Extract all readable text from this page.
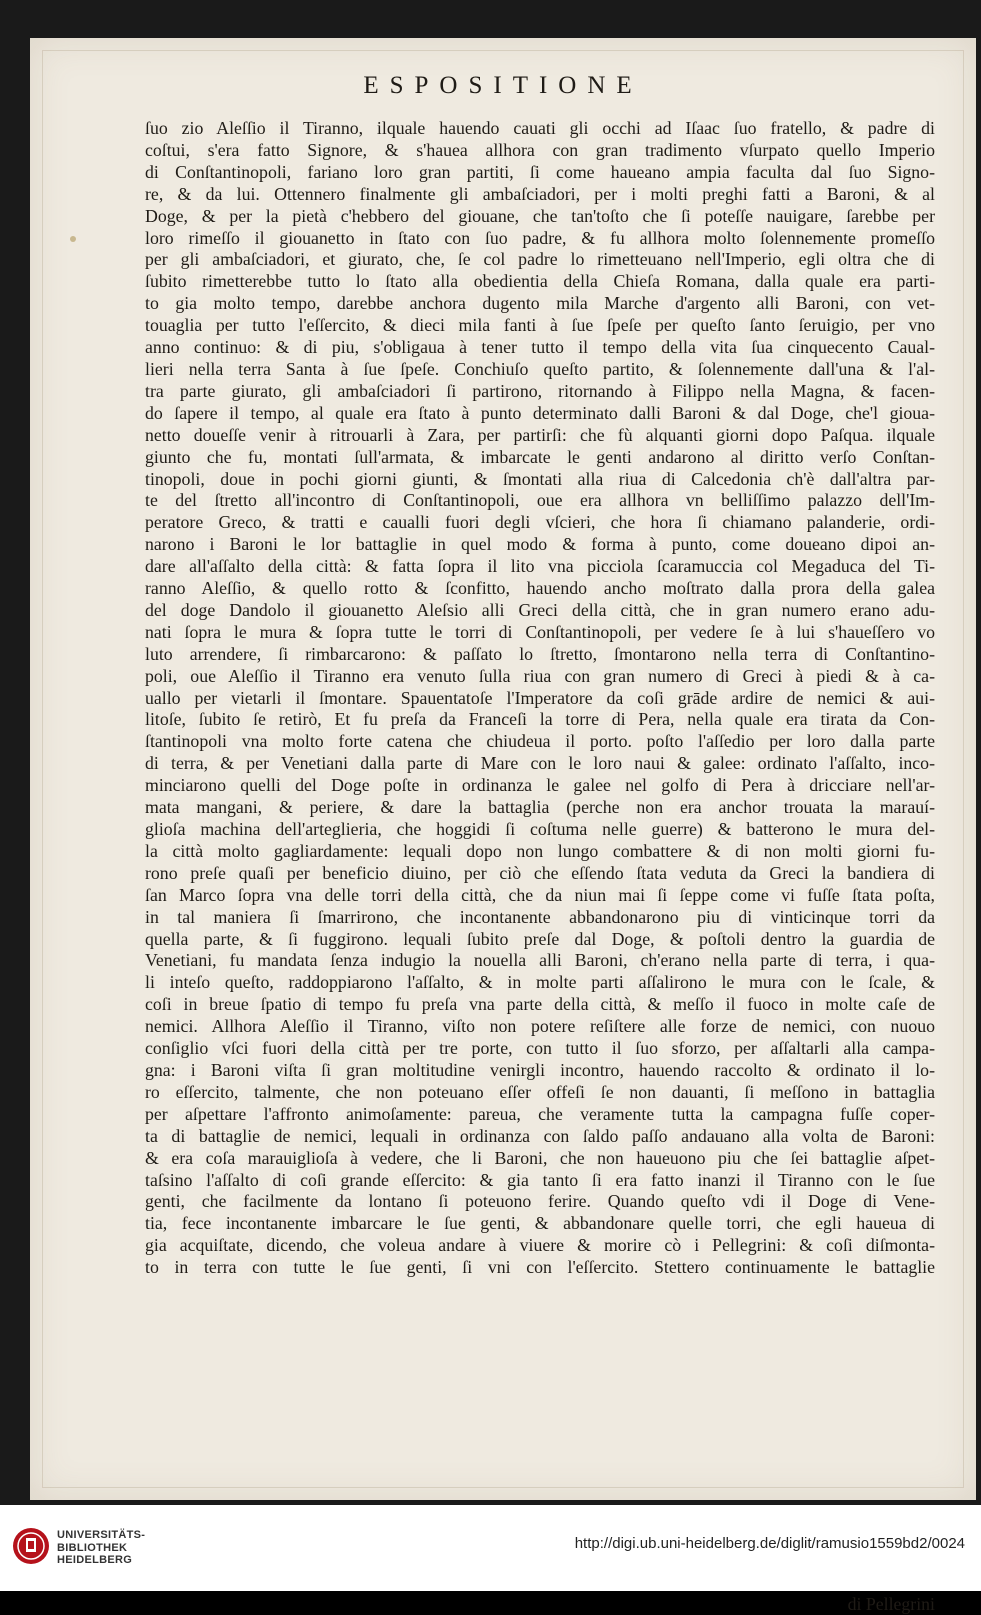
ESPOSITIONE
ſuo zio Aleſſio il Tiranno, ilquale hauendo cauati gli occhi ad Iſaac ſuo fratello, & padre di
coſtui, s'era fatto Signore, & s'hauea allhora con gran tradimento vſurpato quello Imperio
di Conſtantinopoli, fariano loro gran partiti, ſi come haueano ampia faculta dal ſuo Signo-
re, & da lui. Ottennero finalmente gli ambaſciadori, per i molti preghi fatti a Baroni, & al
Doge, & per la pietà c'hebbero del giouane, che tan'toſto che ſi poteſſe nauigare, ſarebbe per
loro rimeſſo il giouanetto in ſtato con ſuo padre, & fu allhora molto ſolennemente promeſſo
per gli ambaſciadori, et giurato, che, ſe col padre lo rimetteuano nell'Imperio, egli oltra che di
ſubito rimetterebbe tutto lo ſtato alla obedientia della Chieſa Romana, dalla quale era parti-
to gia molto tempo, darebbe anchora dugento mila Marche d'argento alli Baroni, con vet-
touaglia per tutto l'eſſercito, & dieci mila fanti à ſue ſpeſe per queſto ſanto ſeruigio, per vno
anno continuo: & di piu, s'obligaua à tener tutto il tempo della vita ſua cinquecento Caual-
lieri nella terra Santa à ſue ſpeſe. Conchiuſo queſto partito, & ſolennemente dall'una & l'al-
tra parte giurato, gli ambaſciadori ſi partirono, ritornando à Filippo nella Magna, & facen-
do ſapere il tempo, al quale era ſtato à punto determinato dalli Baroni & dal Doge, che'l gioua-
netto doueſſe venir à ritrouarli à Zara, per partirſi: che fù alquanti giorni dopo Paſqua. ilquale
giunto che fu, montati ſull'armata, & imbarcate le genti andarono al diritto verſo Conſtan-
tinopoli, doue in pochi giorni giunti, & ſmontati alla riua di Calcedonia ch'è dall'altra par-
te del ſtretto all'incontro di Conſtantinopoli, oue era allhora vn belliſſimo palazzo dell'Im-
peratore Greco, & tratti e caualli fuori degli vſcieri, che hora ſi chiamano palanderie, ordi-
narono i Baroni le lor battaglie in quel modo & forma à punto, come doueano dipoi an-
dare all'aſſalto della città: & fatta ſopra il lito vna picciola ſcaramuccia col Megaduca del Ti-
ranno Aleſſio, & quello rotto & ſconfitto, hauendo ancho moſtrato dalla prora della galea
del doge Dandolo il giouanetto Aleſsio alli Greci della città, che in gran numero erano adu-
nati ſopra le mura & ſopra tutte le torri di Conſtantinopoli, per vedere ſe à lui s'haueſſero vo
luto arrendere, ſi rimbarcarono: & paſſato lo ſtretto, ſmontarono nella terra di Conſtantino-
poli, oue Aleſſio il Tiranno era venuto ſulla riua con gran numero di Greci à piedi & à ca-
uallo per vietarli il ſmontare. Spauentatoſe l'Imperatore da coſi grāde ardire de nemici & aui-
litoſe, ſubito ſe retirò, Et fu preſa da Franceſi la torre di Pera, nella quale era tirata da Con-
ſtantinopoli vna molto forte catena che chiudeua il porto. poſto l'aſſedio per loro dalla parte
di terra, & per Venetiani dalla parte di Mare con le loro naui & galee: ordinato l'aſſalto, inco-
minciarono quelli del Doge poſte in ordinanza le galee nel golfo di Pera à dricciare nell'ar-
mata mangani, & periere, & dare la battaglia (perche non era anchor trouata la marauí-
glioſa machina dell'arteglieria, che hoggidi ſi coſtuma nelle guerre) & batterono le mura del-
la città molto gagliardamente: lequali dopo non lungo combattere & di non molti giorni fu-
rono preſe quaſi per beneficio diuino, per ciò che eſſendo ſtata veduta da Greci la bandiera di
ſan Marco ſopra vna delle torri della città, che da niun mai ſi ſeppe come vi fuſſe ſtata poſta,
in tal maniera ſi ſmarrirono, che incontanente abbandonarono piu di vinticinque torri da
quella parte, & ſi fuggirono. lequali ſubito preſe dal Doge, & poſtoli dentro la guardia de
Venetiani, fu mandata ſenza indugio la nouella alli Baroni, ch'erano nella parte di terra, i qua-
li inteſo queſto, raddoppiarono l'aſſalto, & in molte parti aſſalirono le mura con le ſcale, &
coſi in breue ſpatio di tempo fu preſa vna parte della città, & meſſo il fuoco in molte caſe de
nemici. Allhora Aleſſio il Tiranno, viſto non potere reſiſtere alle forze de nemici, con nuouo
conſiglio vſci fuori della città per tre porte, con tutto il ſuo sforzo, per aſſaltarli alla campa-
gna: i Baroni viſta ſi gran moltitudine venirgli incontro, hauendo raccolto & ordinato il lo-
ro eſſercito, talmente, che non poteuano eſſer offeſi ſe non dauanti, ſi meſſono in battaglia
per aſpettare l'affronto animoſamente: pareua, che veramente tutta la campagna fuſſe coper-
ta di battaglie de nemici, lequali in ordinanza con ſaldo paſſo andauano alla volta de Baroni:
& era coſa marauiglioſa à vedere, che li Baroni, che non haueuono piu che ſei battaglie aſpet-
taſsino l'aſſalto di coſi grande eſſercito: & gia tanto ſi era fatto inanzi il Tiranno con le ſue
genti, che facilmente da lontano ſi poteuono ferire. Quando queſto vdi il Doge di Vene-
tia, fece incontanente imbarcare le ſue genti, & abbandonare quelle torri, che egli haueua di
gia acquiſtate, dicendo, che voleua andare à viuere & morire cò i Pellegrini: & coſi diſmonta-
to in terra con tutte le ſue genti, ſi vni con l'eſſercito. Stettero continuamente le battaglie
di Pellegrini
UNIVERSITÄTS-
BIBLIOTHEK
HEIDELBERG
http://digi.ub.uni-heidelberg.de/diglit/ramusio1559bd2/0024
